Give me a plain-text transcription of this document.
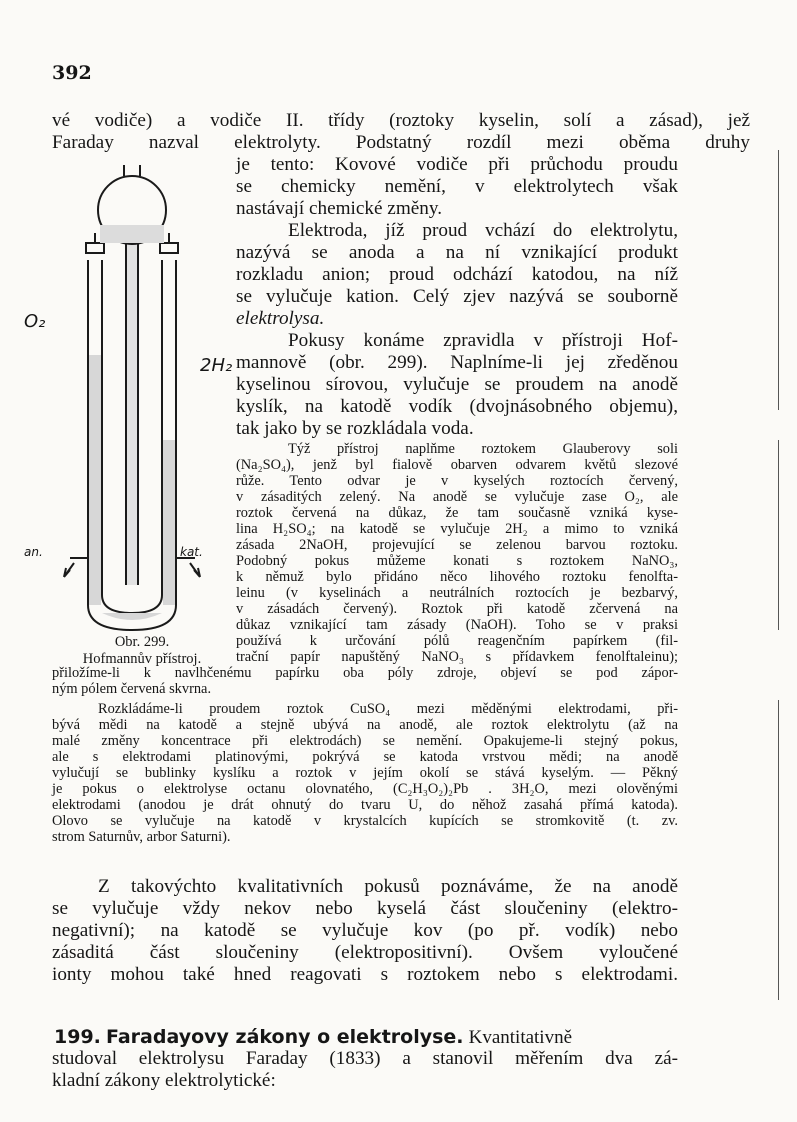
392
vé vodiče) a vodiče II. třídy (roztoky kyselin, solí a zásad), jež
Faraday nazval elektrolyty. Podstatný rozdíl mezi oběma druhy
je tento: Kovové vodiče při průchodu proudu
se chemicky nemění, v elektrolytech však
nastávají chemické změny.
Elektroda, jíž proud vchází do elektrolytu,
nazývá se anoda a na ní vznikající produkt
rozkladu anion; proud odchází katodou, na níž
se vylučuje kation. Celý zjev nazývá se souborně
elektrolysa.
Pokusy konáme zpravidla v přístroji Hof-
mannově (obr. 299). Naplníme-li jej zředěnou
kyselinou sírovou, vylučuje se proudem na anodě
kyslík, na katodě vodík (dvojnásobného objemu),
tak jako by se rozkládala voda.
Týž přístroj naplňme roztokem Glauberovy soli
(Na₂SO₄), jenž byl fialově obarven odvarem květů slezové
růže. Tento odvar je v kyselých roztocích červený,
v zásaditých zelený. Na anodě se vylučuje zase O₂, ale
roztok červená na důkaz, že tam současně vzniká kyse-
lina H₂SO₄; na katodě se vylučuje 2H₂ a mimo to vzniká
zásada 2NaOH, projevující se zelenou barvou roztoku.
Podobný pokus můžeme konati s roztokem NaNO₃,
k němuž bylo přidáno něco lihového roztoku fenolfta-
leinu (v kyselinách a neutrálních roztocích je bezbarvý,
v zásadách červený). Roztok při katodě zčervená na
důkaz vznikající tam zásady (NaOH). Toho se v praksi
používá k určování pólů reagenčním papírkem (fil-
trační papír napuštěný NaNO₃ s přídavkem fenolftaleinu);
přiložíme-li k navlhčenému papírku oba póly zdroje, objeví se pod zápor-
ným pólem červená skvrna.
Rozkládáme-li proudem roztok CuSO₄ mezi měděnými elektrodami, při-
bývá mědi na katodě a stejně ubývá na anodě, ale roztok elektrolytu (až na
malé změny koncentrace při elektrodách) se nemění. Opakujeme-li stejný pokus,
ale s elektrodami platinovými, pokrývá se katoda vrstvou mědi; na anodě
vylučují se bublinky kyslíku a roztok v jejím okolí se stává kyselým. — Pěkný
je pokus o elektrolyse octanu olovnatého, (C₂H₃O₂)₂Pb . 3H₂O, mezi olověnými
elektrodami (anodou je drát ohnutý do tvaru U, do něhož zasahá přímá katoda).
Olovo se vylučuje na katodě v krystalcích kupících se stromkovitě (t. zv.
strom Saturnův, arbor Saturni).
Z takovýchto kvalitativních pokusů poznáváme, že na anodě
se vylučuje vždy nekov nebo kyselá část sloučeniny (elektro-
negativní); na katodě se vylučuje kov (po př. vodík) nebo
zásaditá část sloučeniny (elektropositivní). Ovšem vyloučené
ionty mohou také hned reagovati s roztokem nebo s elektrodami.
199. Faradayovy zákony o elektrolyse. Kvantitativně
studoval elektrolysu Faraday (1833) a stanovil měřením dva zá-
kladní zákony elektrolytické:
O₂
2H₂
an.	kat.
Obr. 299.
Hofmannův přístroj.
